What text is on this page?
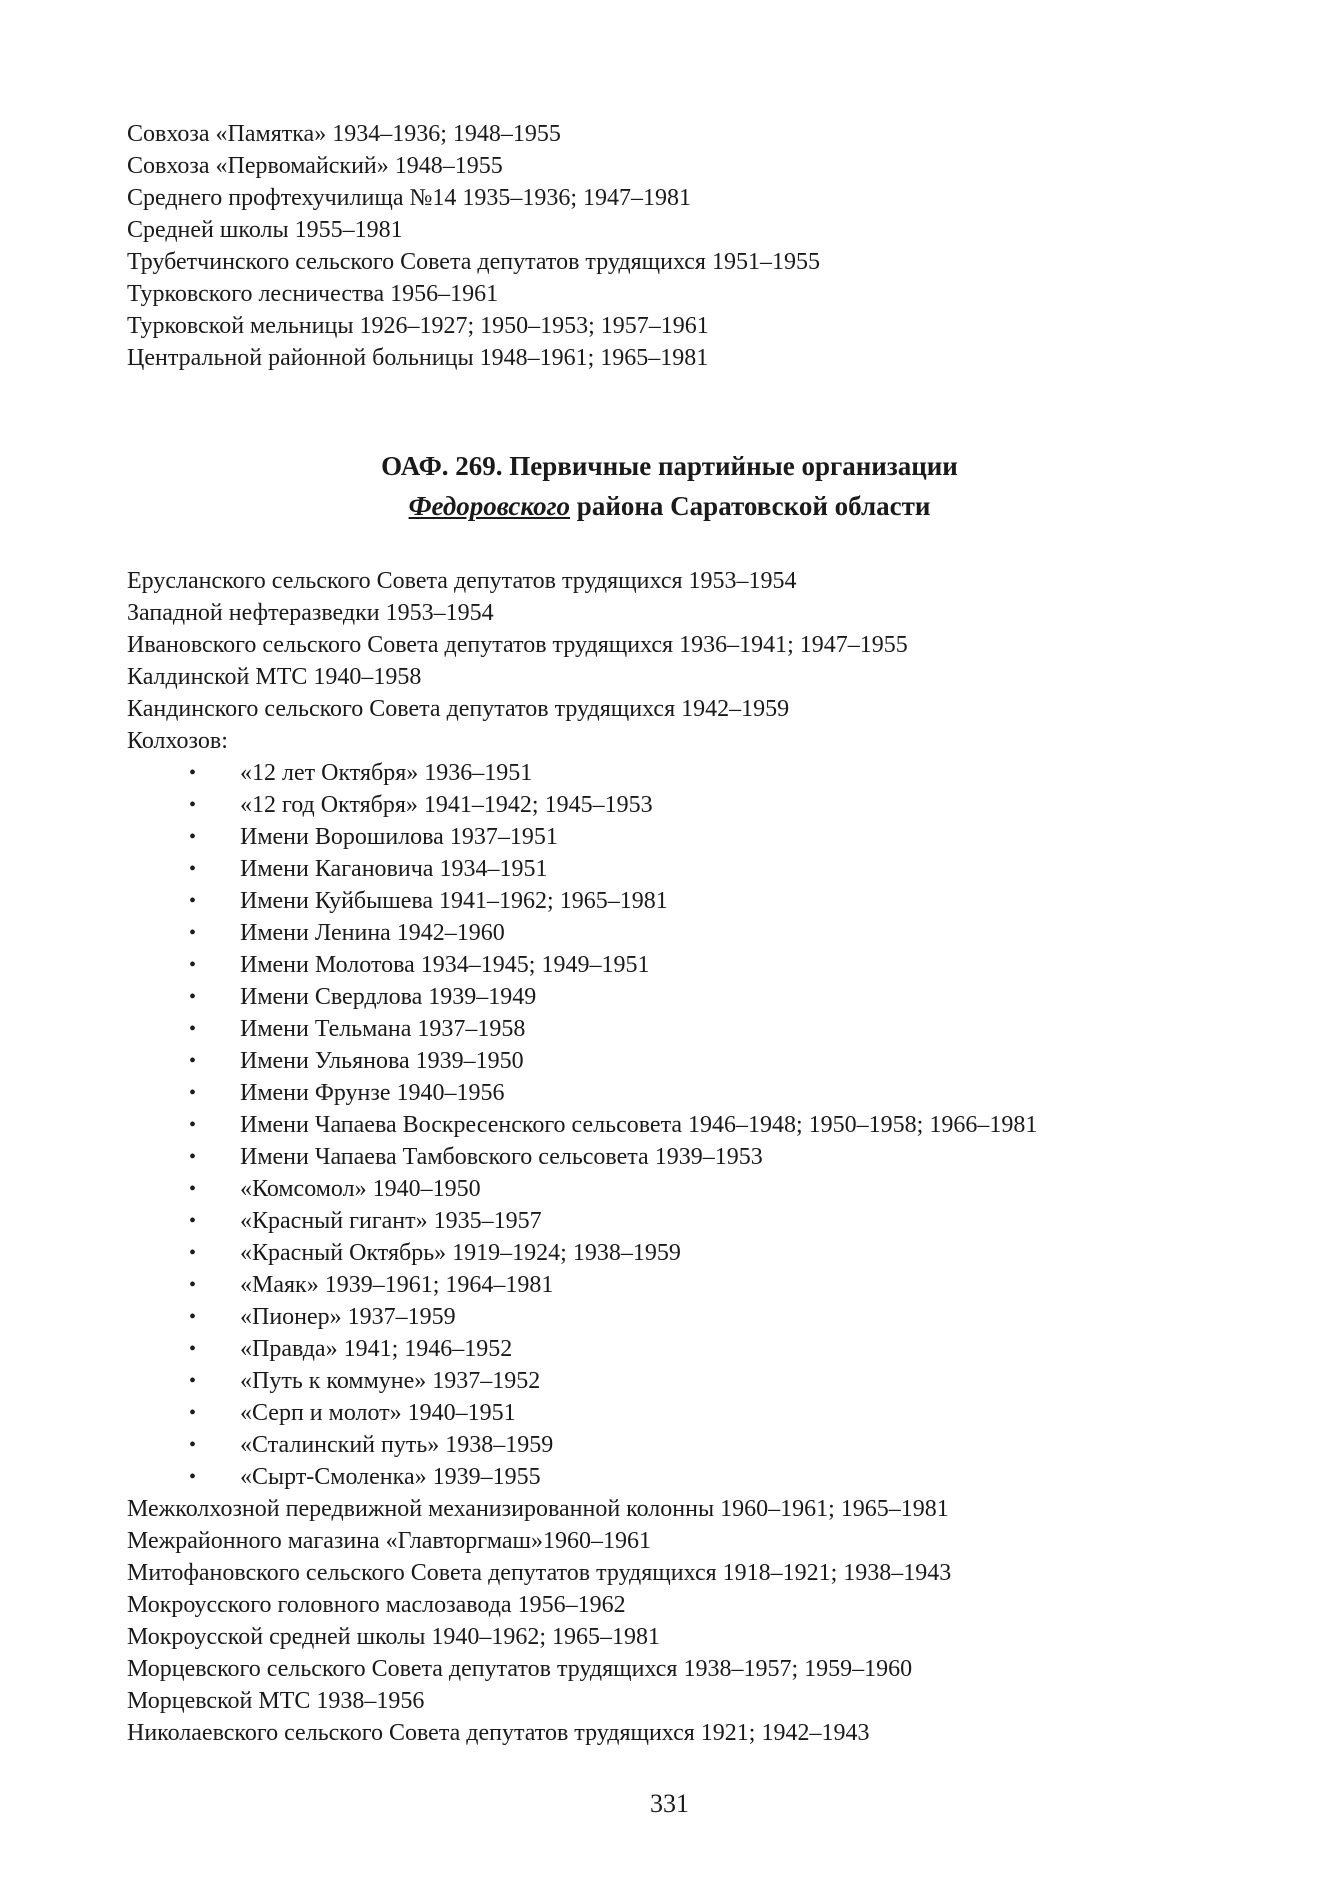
Совхоза «Памятка» 1934–1936; 1948–1955
Совхоза «Первомайский» 1948–1955
Среднего профтехучилища №14 1935–1936; 1947–1981
Средней школы 1955–1981
Трубетчинского сельского Совета депутатов трудящихся 1951–1955
Турковского лесничества 1956–1961
Турковской мельницы 1926–1927; 1950–1953; 1957–1961
Центральной районной больницы 1948–1961; 1965–1981
ОАФ. 269. Первичные партийные организации
Федоровского района Саратовской области
Еруслaнского сельского Совета депутатов трудящихся 1953–1954
Западной нефтеразведки 1953–1954
Ивановского сельского Совета депутатов трудящихся 1936–1941; 1947–1955
Калдинской МТС 1940–1958
Кандинского сельского Совета депутатов трудящихся 1942–1959
Колхозов:
• «12 лет Октября» 1936–1951
• «12 год Октября» 1941–1942; 1945–1953
• Имени Ворошилова 1937–1951
• Имени Кагановича 1934–1951
• Имени Куйбышева 1941–1962; 1965–1981
• Имени Ленина 1942–1960
• Имени Молотова 1934–1945; 1949–1951
• Имени Свердлова 1939–1949
• Имени Тельмана 1937–1958
• Имени Ульянова 1939–1950
• Имени Фрунзе 1940–1956
• Имени Чапаева Воскресенского сельсовета 1946–1948; 1950–1958; 1966–1981
• Имени Чапаева Тамбовского сельсовета 1939–1953
• «Комсомол» 1940–1950
• «Красный гигант» 1935–1957
• «Красный Октябрь» 1919–1924; 1938–1959
• «Маяк» 1939–1961; 1964–1981
• «Пионер» 1937–1959
• «Правда» 1941; 1946–1952
• «Путь к коммуне» 1937–1952
• «Серп и молот» 1940–1951
• «Сталинский путь» 1938–1959
• «Сырт-Смоленка» 1939–1955
Межколхозной передвижной механизированной колонны 1960–1961; 1965–1981
Межрайонного магазина «Главторгмаш»1960–1961
Митофановского сельского Совета депутатов трудящихся 1918–1921; 1938–1943
Мокроусского головного маслозавода 1956–1962
Мокроусской средней школы 1940–1962; 1965–1981
Морцевского сельского Совета депутатов трудящихся 1938–1957; 1959–1960
Морцевской МТС 1938–1956
Николаевского сельского Совета депутатов трудящихся 1921; 1942–1943
331
